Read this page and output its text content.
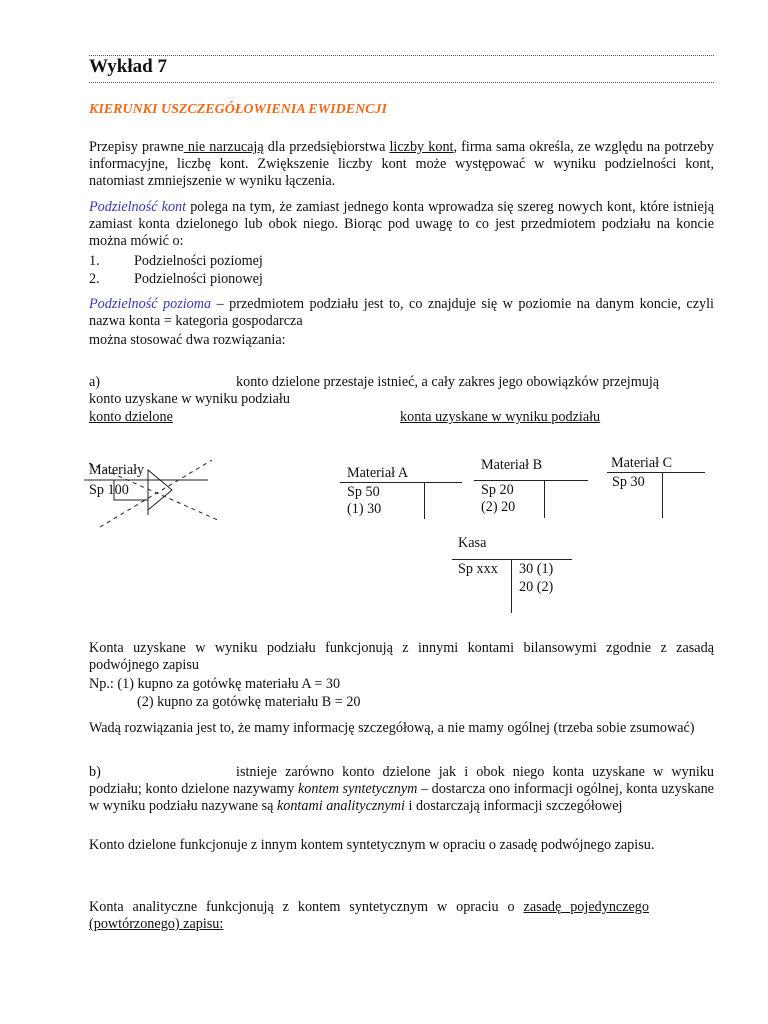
Wykład 7
KIERUNKI USZCZEGÓŁOWIENIA EWIDENCJI

Przepisy prawne nie narzucają dla przedsiębiorstwa liczby kont, firma sama określa, ze względu na potrzeby informacyjne, liczbę kont. Zwiększenie liczby kont może występować w wyniku podzielności kont, natomiast zmniejszenie w wyniku łączenia.

Podzielność kont polega na tym, że zamiast jednego konta wprowadza się szereg nowych kont, które istnieją zamiast konta dzielonego lub obok niego. Biorąc pod uwagę to co jest przedmiotem podziału na koncie można mówić o:

1. Podzielności poziomej
2. Podzielności pionowej

Podzielność pozioma – przedmiotem podziału jest to, co znajduje się w poziomie na danym koncie, czyli nazwa konta = kategoria gospodarcza

można stosować dwa rozwiązania:
a)	konto dzielone przestaje istnieć, a cały zakres jego obowiązków przejmują

konto uzyskane w wyniku podziału
konto dzielone	konta uzyskane w wyniku podziału
Materiały
Sp 100
Materiał A
Sp 50
(1) 30
Materiał B
Sp 20
(2) 20
Materiał C
Sp 30
Kasa
Sp xxx 30 (1)
20 (2)

Konta uzyskane w wyniku podziału funkcjonują z innymi kontami bilansowymi zgodnie z zasadą podwójnego zapisu

Np.: (1) kupno za gotówkę materiału A = 30
(2) kupno za gotówkę materiału B = 20

Wadą rozwiązania jest to, że mamy informację szczegółową, a nie mamy ogólnej (trzeba sobie zsumować)

b)	istnieje zarówno konto dzielone jak i obok niego konta uzyskane w wyniku podziału; konto dzielone nazywamy kontem syntetycznym – dostarcza ono informacji ogólnej, konta uzyskane w wyniku podziału nazywane są kontami analitycznymi i dostarczają informacji szczegółowej

Konto dzielone funkcjonuje z innym kontem syntetycznym w opraciu o zasadę podwójnego zapisu.

Konta analityczne funkcjonują z kontem syntetycznym w opraciu o zasadę pojedynczego (powtórzonego) zapisu:
